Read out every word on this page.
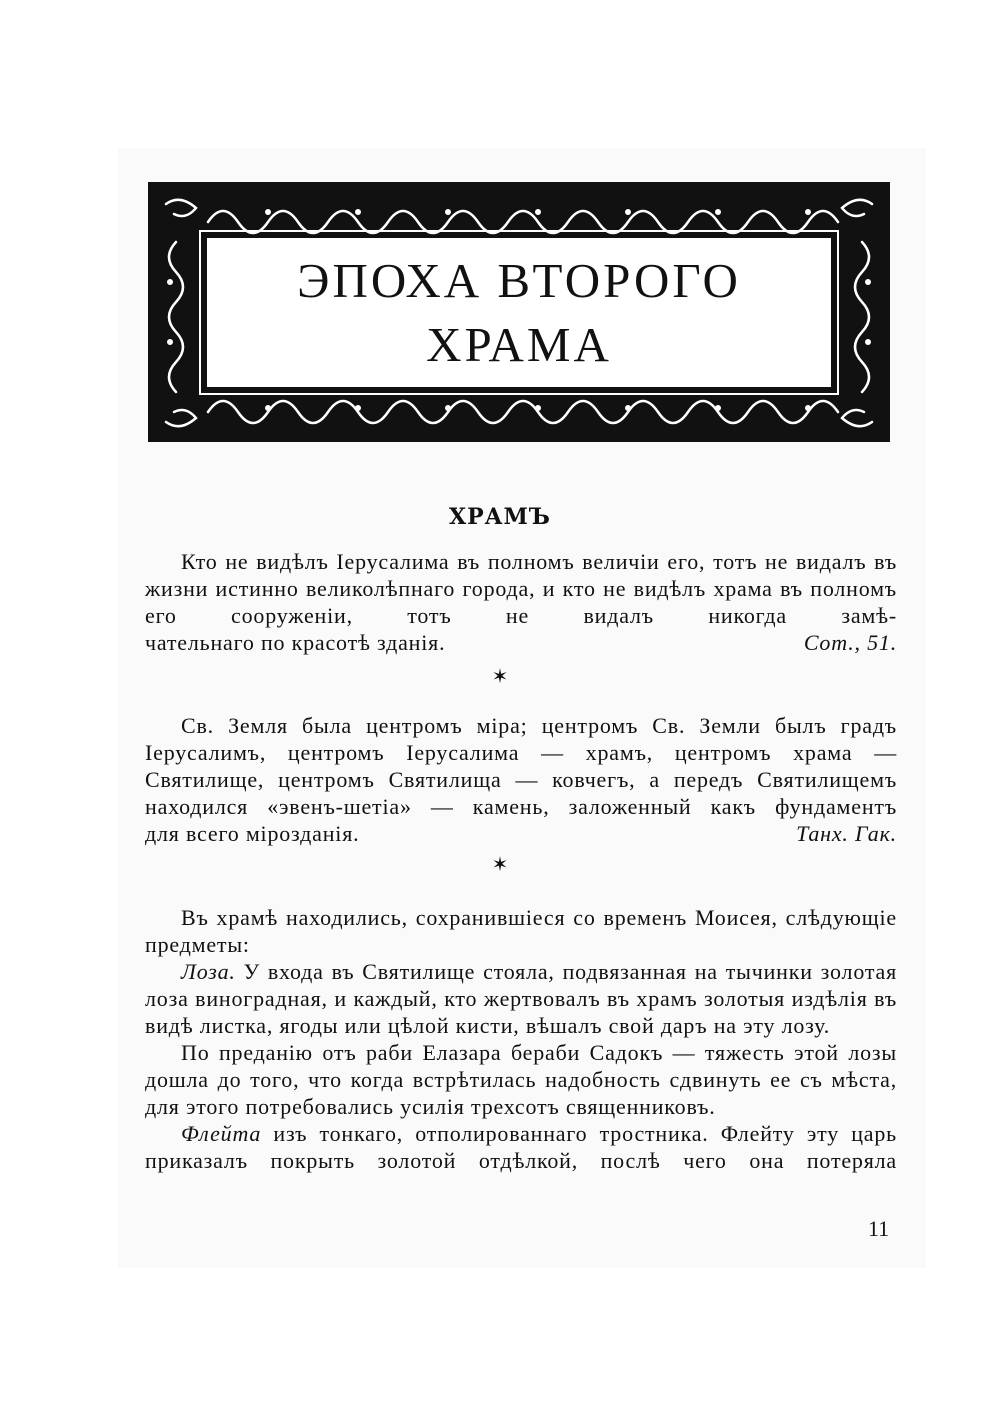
ЭПОХА ВТОРОГО
ХРАМА
ХРАМЪ

Кто не видѣлъ Іерусалима въ полномъ величіи его, тотъ не видалъ въ жизни истинно великолѣпнаго города, и кто не видѣлъ храма въ полномъ его сооруженіи, тотъ не видалъ никогда замѣ-

чательнаго по красотѣ зданія.	Сот., 51.
✶

Св. Земля была центромъ міра; центромъ Св. Земли былъ градъ Іерусалимъ, центромъ Іерусалима — храмъ, центромъ храма — Святилище, центромъ Святилища — ковчегъ, а передъ Святилищемъ находился «эвенъ-шетіа» — камень, заложенный какъ фундаментъ

для всего мірозданія.	Танх. Гак.
✶

Въ храмѣ находились, сохранившіеся со временъ Моисея, слѣдующіе предметы:

Лоза. У входа въ Святилище стояла, подвязанная на тычинки золотая лоза виноградная, и каждый, кто жертвовалъ въ храмъ золотыя издѣлія въ видѣ листка, ягоды или цѣлой кисти, вѣшалъ свой даръ на эту лозу.

По преданію отъ раби Елазара бераби Садокъ — тяжесть этой лозы дошла до того, что когда встрѣтилась надобность сдвинуть ее съ мѣста, для этого потребовались усилія трехсотъ священниковъ.

Флейта изъ тонкаго, отполированнаго тростника. Флейту эту царь приказалъ покрыть золотой отдѣлкой, послѣ чего она потеряла

11
